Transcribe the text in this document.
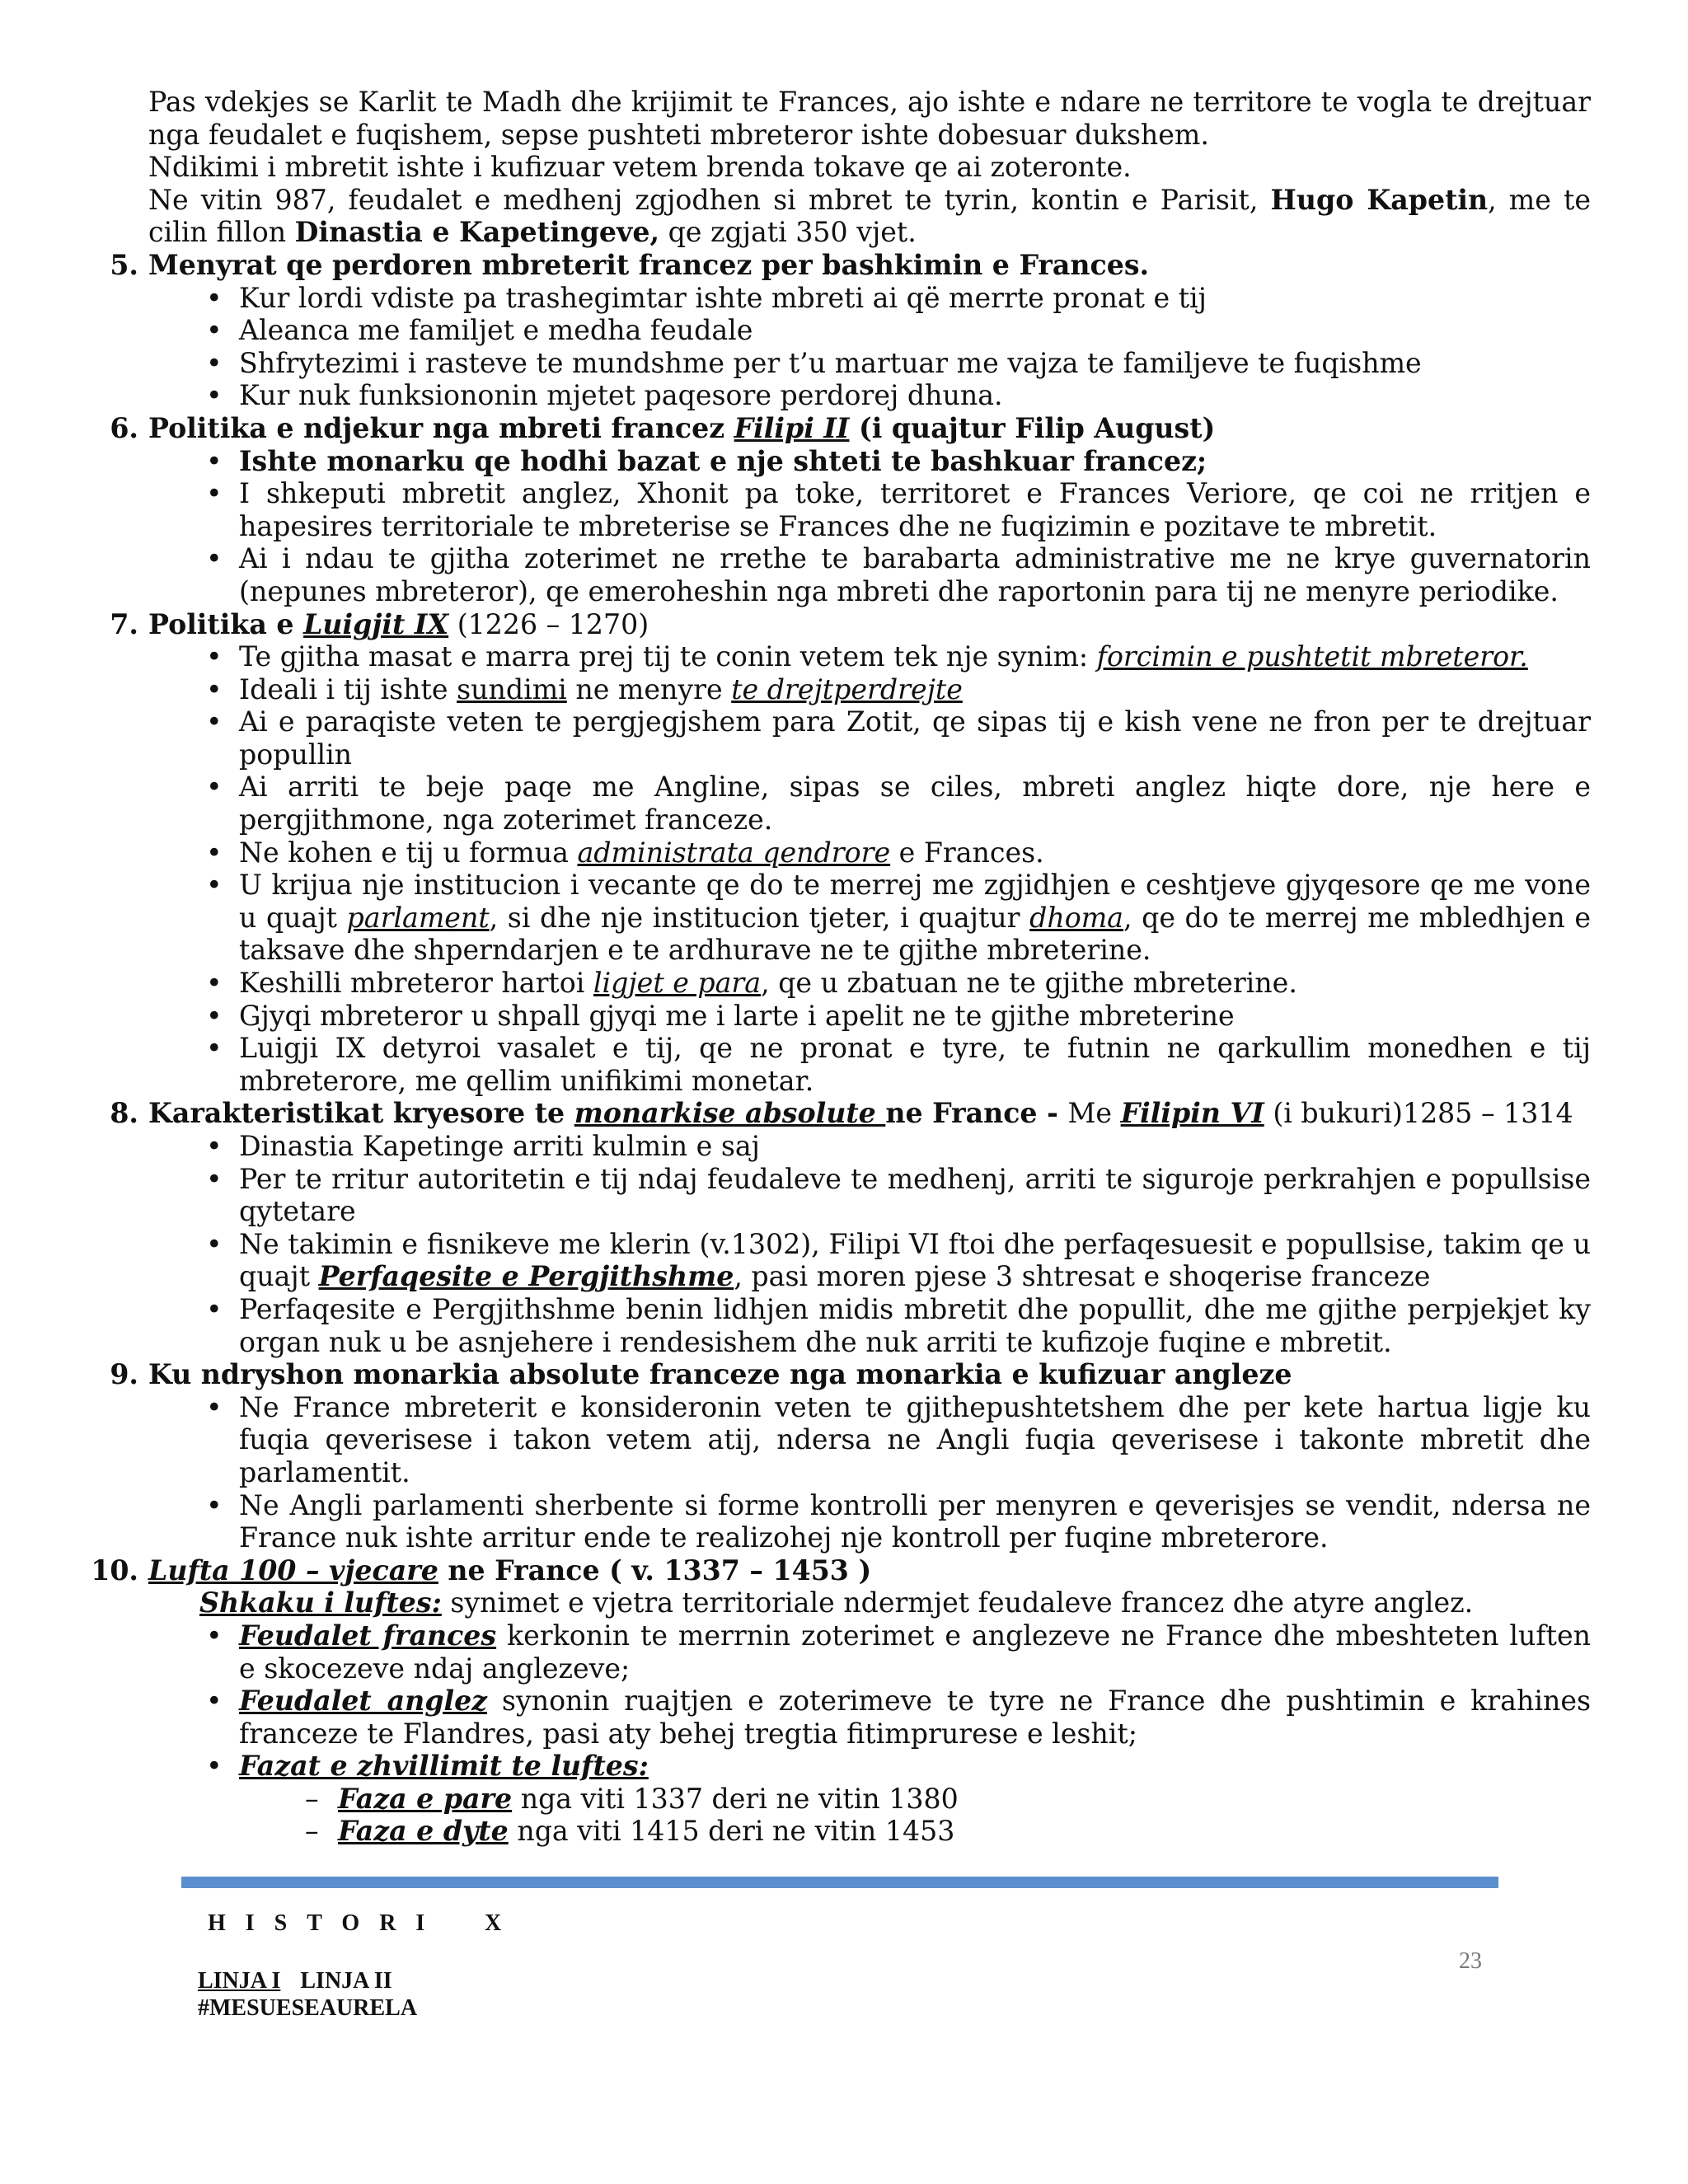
Pas vdekjes se Karlit te Madh dhe krijimit te Frances, ajo ishte e ndare ne territore te vogla te drejtuar nga feudalet e fuqishem, sepse pushteti mbreteror ishte dobesuar dukshem.

Ndikimi i mbretit ishte i kufizuar vetem brenda tokave qe ai zoteronte.

Ne vitin 987, feudalet e medhenj zgjodhen si mbret te tyrin, kontin e Parisit, Hugo Kapetin, me te cilin fillon Dinastia e Kapetingeve, qe zgjati 350 vjet.

5. Menyrat qe perdoren mbreterit francez per bashkimin e Frances.
• Kur lordi vdiste pa trashegimtar ishte mbreti ai që merrte pronat e tij
• Aleanca me familjet e medha feudale
• Shfrytezimi i rasteve te mundshme per t’u martuar me vajza te familjeve te fuqishme
• Kur nuk funksiononin mjetet paqesore perdorej dhuna.
6. Politika e ndjekur nga mbreti francez Filipi II (i quajtur Filip August)
• Ishte monarku qe hodhi bazat e nje shteti te bashkuar francez;
• I shkeputi mbretit anglez, Xhonit pa toke, territoret e Frances Veriore, qe coi ne rritjen e hapesires territoriale te mbreterise se Frances dhe ne fuqizimin e pozitave te mbretit.
• Ai i ndau te gjitha zoterimet ne rrethe te barabarta administrative me ne krye guvernatorin (nepunes mbreteror), qe emeroheshin nga mbreti dhe raportonin para tij ne menyre periodike.
7. Politika e Luigjit IX (1226 – 1270)
• Te gjitha masat e marra prej tij te conin vetem tek nje synim: forcimin e pushtetit mbreteror.
• Ideali i tij ishte sundimi ne menyre te drejtperdrejte
• Ai e paraqiste veten te pergjegjshem para Zotit, qe sipas tij e kish vene ne fron per te drejtuar popullin
• Ai arriti te beje paqe me Angline, sipas se ciles, mbreti anglez hiqte dore, nje here e pergjithmone, nga zoterimet franceze.
• Ne kohen e tij u formua administrata qendrore e Frances.
• U krijua nje institucion i vecante qe do te merrej me zgjidhjen e ceshtjeve gjyqesore qe me vone u quajt parlament, si dhe nje institucion tjeter, i quajtur dhoma, qe do te merrej me mbledhjen e taksave dhe shperndarjen e te ardhurave ne te gjithe mbreterine.
• Keshilli mbreteror hartoi ligjet e para, qe u zbatuan ne te gjithe mbreterine.
• Gjyqi mbreteror u shpall gjyqi me i larte i apelit ne te gjithe mbreterine
• Luigji IX detyroi vasalet e tij, qe ne pronat e tyre, te futnin ne qarkullim monedhen e tij mbreterore, me qellim unifikimi monetar.
8. Karakteristikat kryesore te monarkise absolute ne France - Me Filipin VI (i bukuri)1285 – 1314
• Dinastia Kapetinge arriti kulmin e saj
• Per te rritur autoritetin e tij ndaj feudaleve te medhenj, arriti te siguroje perkrahjen e popullsise qytetare
• Ne takimin e fisnikeve me klerin (v.1302), Filipi VI ftoi dhe perfaqesuesit e popullsise, takim qe u quajt Perfaqesite e Pergjithshme, pasi moren pjese 3 shtresat e shoqerise franceze
• Perfaqesite e Pergjithshme benin lidhjen midis mbretit dhe popullit, dhe me gjithe perpjekjet ky organ nuk u be asnjehere i rendesishem dhe nuk arriti te kufizoje fuqine e mbretit.
9. Ku ndryshon monarkia absolute franceze nga monarkia e kufizuar angleze
• Ne France mbreterit e konsideronin veten te gjithepushtetshem dhe per kete hartua ligje ku fuqia qeverisese i takon vetem atij, ndersa ne Angli fuqia qeverisese i takonte mbretit dhe parlamentit.
• Ne Angli parlamenti sherbente si forme kontrolli per menyren e qeverisjes se vendit, ndersa ne France nuk ishte arritur ende te realizohej nje kontroll per fuqine mbreterore.
10. Lufta 100 – vjecare ne France ( v. 1337 – 1453 )
Shkaku i luftes: synimet e vjetra territoriale ndermjet feudaleve francez dhe atyre anglez.
• Feudalet frances kerkonin te merrnin zoterimet e anglezeve ne France dhe mbeshteten luften e skocezeve ndaj anglezeve;
• Feudalet anglez synonin ruajtjen e zoterimeve te tyre ne France dhe pushtimin e krahines franceze te Flandres, pasi aty behej tregtia fitimprurese e leshit;
• Fazat e zhvillimit te luftes:
– Faza e pare nga viti 1337 deri ne vitin 1380
– Faza e dyte nga viti 1415 deri ne vitin 1453
HISTORI X
LINJA I LINJA II
#MESUESEAURELA
23
